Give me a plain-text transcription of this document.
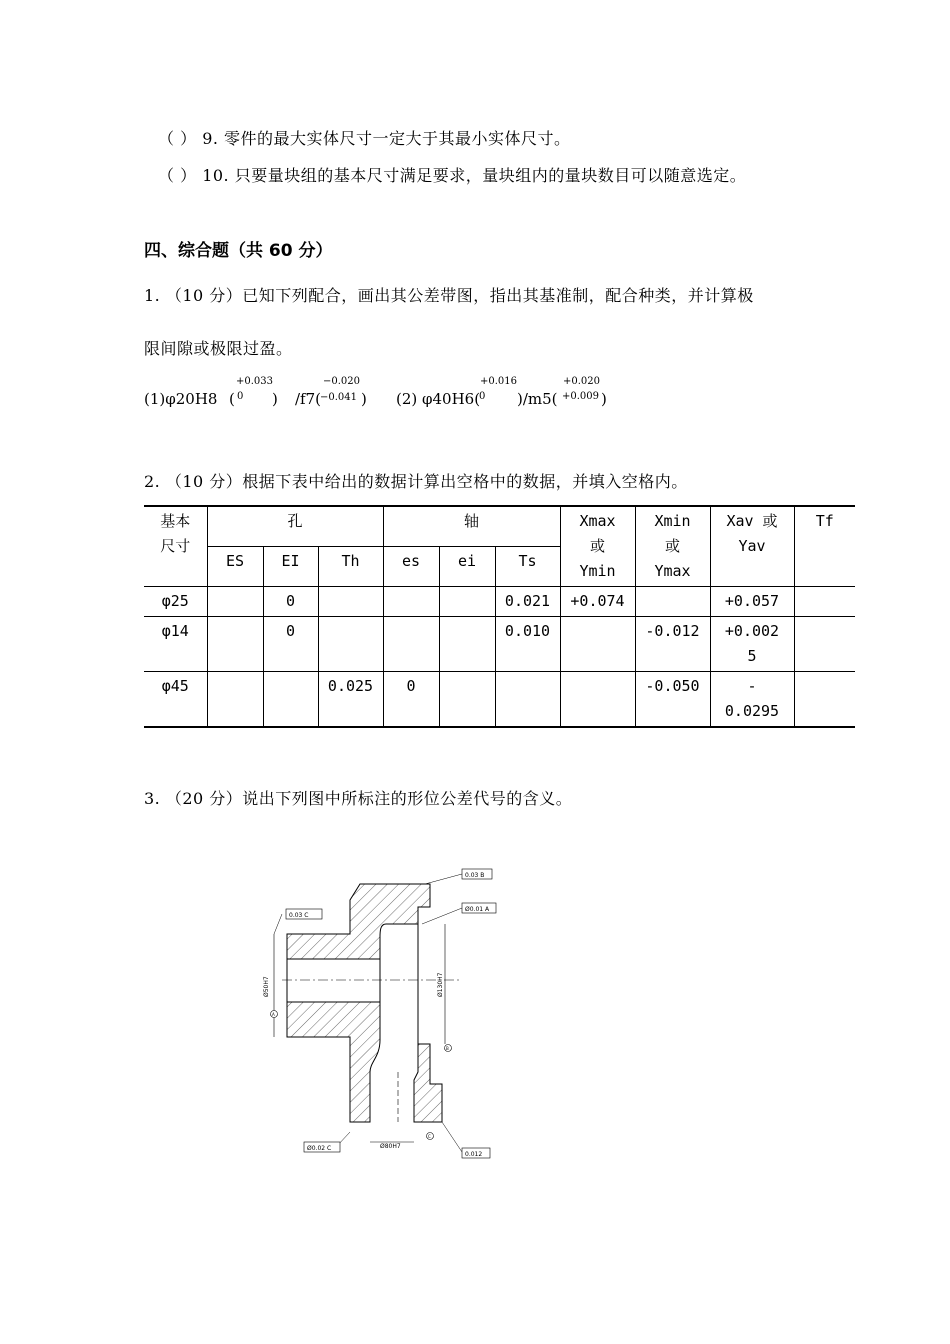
（ ） 9. 零件的最大实体尺寸一定大于其最小实体尺寸。
（ ） 10. 只要量块组的基本尺寸满足要求，量块组内的量块数目可以随意选定。
四、综合题（共 60 分）
1. （10 分）已知下列配合，画出其公差带图，指出其基准制，配合种类，并计算极
限间隙或极限过盈。
(1)φ20H8 (
+0.033
0 ) /f7(
−0.020
−0.041 ) (2) φ40H6(
+0.016
0 )/m5(
+0.020
+0.009 )
2. （10 分）根据下表中给出的数据计算出空格中的数据，并填入空格内。
基本
尺寸	孔			轴			Xmax
或
Ymin	Xmin
或
Ymax	Xav 或
Yav	Tf
	ES	EI	Th	es	ei	Ts				
φ25		0				0.021	+0.074		+0.057	
φ14		0				0.010		-0.012	+0.002
5	
φ45			0.025	0				-0.050	-
0.0295	
3. （20 分）说出下列图中所标注的形位公差代号的含义。
0.03 B
Ø0.01 A
0.03 C
Ø0.02 C
0.012
Ø50H7	Ø130H7
Ø80H7
A
B
C
